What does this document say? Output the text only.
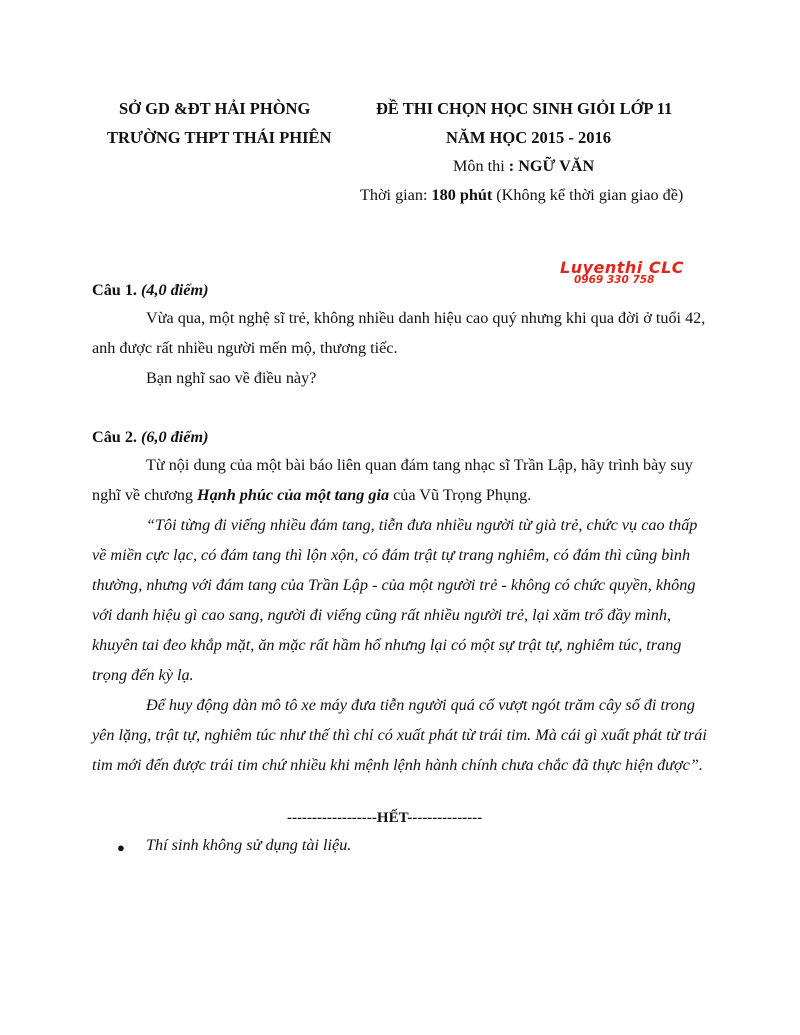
SỞ GD &ĐT HẢI PHÒNG
TRƯỜNG THPT THÁI PHIÊN
ĐỀ THI CHỌN HỌC SINH GIỎI LỚP 11
NĂM HỌC 2015 - 2016
Môn thi : NGỮ VĂN
Thời gian: 180 phút (Không kể thời gian giao đề)
Luyenthi CLC
0969 330 758
Câu 1. (4,0 điểm)
Vừa qua, một nghệ sĩ trẻ, không nhiều danh hiệu cao quý nhưng khi qua đời ở tuổi 42, anh được rất nhiều người mến mộ, thương tiếc.
Bạn nghĩ sao về điều này?
Câu 2. (6,0 điểm)
Từ nội dung của một bài báo liên quan đám tang nhạc sĩ Trần Lập, hãy trình bày suy nghĩ về chương Hạnh phúc của một tang gia của Vũ Trọng Phụng.
“Tôi từng đi viếng nhiều đám tang, tiễn đưa nhiều người từ già trẻ, chức vụ cao thấp về miền cực lạc, có đám tang thì lộn xộn, có đám trật tự trang nghiêm, có đám thì cũng bình thường, nhưng với đám tang của Trần Lập - của một người trẻ - không có chức quyền, không với danh hiệu gì cao sang, người đi viếng cũng rất nhiều người trẻ, lại xăm trổ đầy mình, khuyên tai đeo khắp mặt, ăn mặc rất hầm hố nhưng lại có một sự trật tự, nghiêm túc, trang trọng đến kỳ lạ.
Để huy động dàn mô tô xe máy đưa tiễn người quá cố vượt ngót trăm cây số đi trong yên lặng, trật tự, nghiêm túc như thế thì chỉ có xuất phát từ trái tim. Mà cái gì xuất phát từ trái tim mới đến được trái tim chứ nhiều khi mệnh lệnh hành chính chưa chắc đã thực hiện được”.
------------------HẾT---------------
● Thí sinh không sử dụng tài liệu.
